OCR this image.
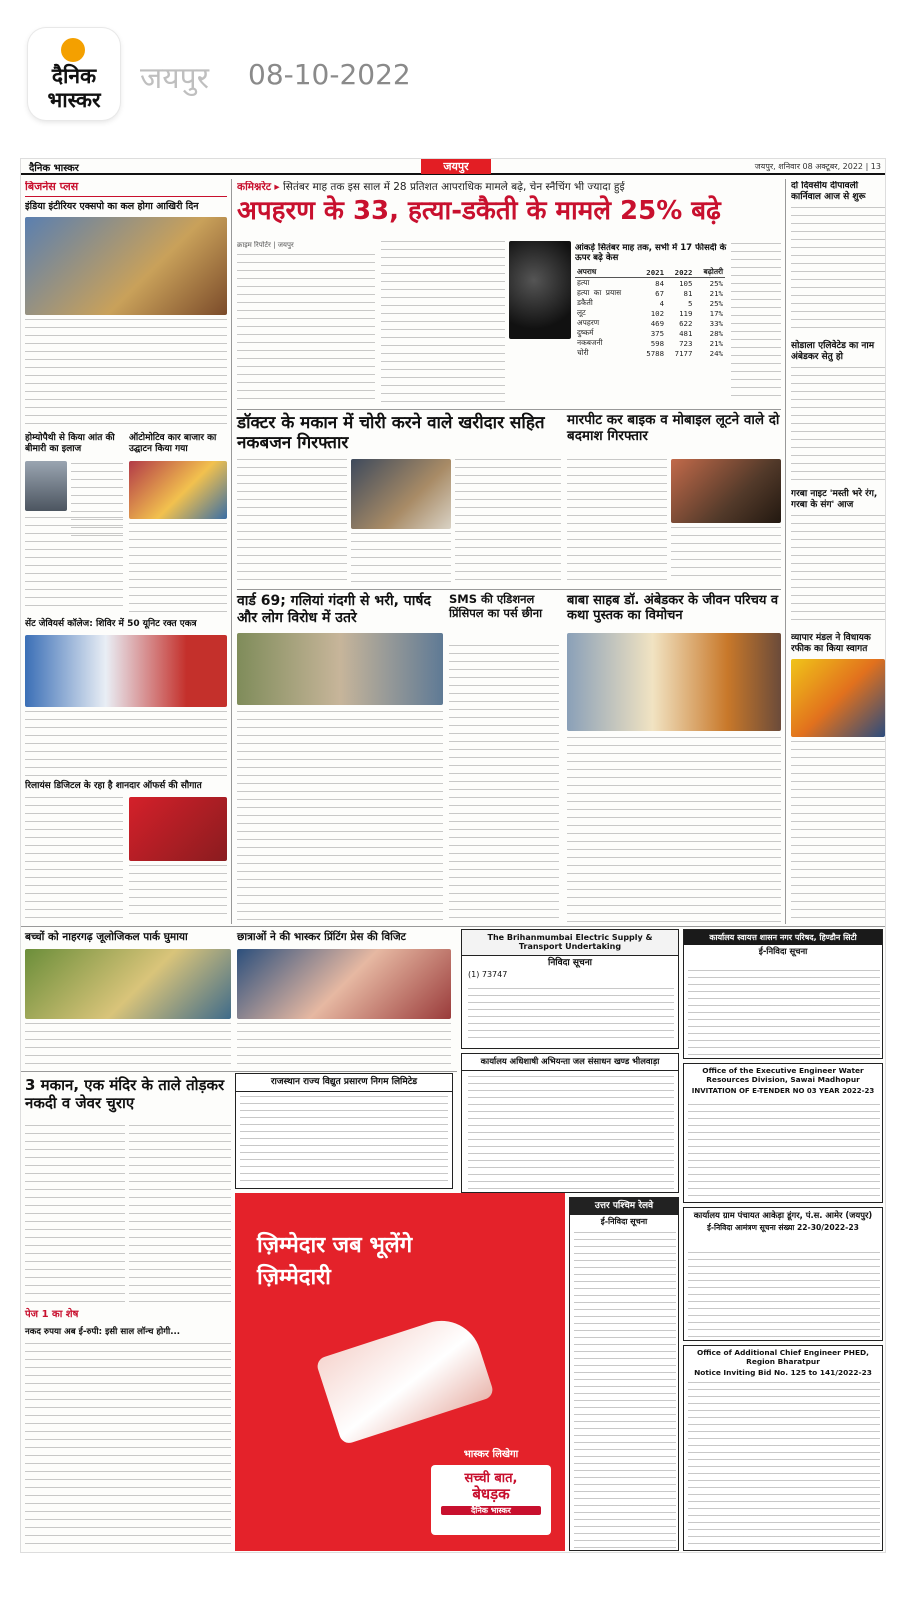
दैनिक
भास्कर
जयपुर 08-10-2022
दैनिक भास्कर	जयपुर	जयपुर, शनिवार 08 अक्टूबर, 2022 | 13
बिजनेस प्लस
इंडिया इंटीरियर एक्सपो का कल होगा आखिरी दिन
होम्योपैथी से किया आंत की बीमारी का इलाज
ऑटोमोटिव कार बाजार का उद्घाटन किया गया
सेंट जेवियर्स कॉलेज: शिविर में 50 यूनिट रक्त एकत्र
रिलायंस डिजिटल के रहा है शानदार ऑफर्स की सौगात
कमिश्नरेट ▸ सितंबर माह तक इस साल में 28 प्रतिशत आपराधिक मामले बढ़े, चेन स्नैचिंग भी ज्यादा हुई
अपहरण के 33, हत्या-डकैती के मामले 25% बढ़े
क्राइम रिपोर्टर | जयपुर	आंकड़े सितंबर माह तक, सभी में 17 फीसदी के ऊपर बढ़े केस
अपराध	2021	2022	बढ़ोतरी
हत्या	84	105	25%
हत्या का प्रयास	67	81	21%
डकैती	4	5	25%
लूट	102	119	17%
अपहरण	469	622	33%
दुष्कर्म	375	481	28%
नकबजनी	598	723	21%
चोरी	5788	7177	24%
दो दिवसीय दीपावली कार्निवाल आज से शुरू
सोडाला एलिवेटेड का नाम अंबेडकर सेतु हो
गरबा नाइट 'मस्ती भरे रंग, गरबा के संग' आज
व्यापार मंडल ने विधायक रफीक का किया स्वागत
डॉक्टर के मकान में चोरी करने वाले खरीदार सहित नकबजन गिरफ्तार
मारपीट कर बाइक व मोबाइल लूटने वाले दो बदमाश गिरफ्तार
वार्ड 69; गलियां गंदगी से भरी, पार्षद और लोग विरोध में उतरे
SMS की एडिशनल प्रिंसिपल का पर्स छीना
बाबा साहब डॉ. अंबेडकर के जीवन परिचय व कथा पुस्तक का विमोचन
बच्चों को नाहरगढ़ जूलोजिकल पार्क घुमाया	छात्राओं ने की भास्कर प्रिंटिंग प्रेस की विजिट
3 मकान, एक मंदिर के ताले तोड़कर नकदी व जेवर चुराए
पेज 1 का शेष
नकद रुपया अब ई-रुपी: इसी साल लॉन्च होगी...
राजस्थान राज्य विद्युत प्रसारण निगम लिमिटेड
ज़िम्मेदार जब भूलेंगे
ज़िम्मेदारी
भास्कर लिखेगा
सच्ची बात,
बेधड़क
दैनिक भास्कर
The Brihanmumbai Electric Supply & Transport Undertaking
निविदा सूचना
(1) 73747
कार्यालय अधिशाषी अभियन्ता जल संसाधन खण्ड भीलवाड़ा
उत्तर पश्चिम रेलवे
ई-निविदा सूचना
कार्यालय स्वायत्त शासन नगर परिषद, हिण्डौन सिटी
ई-निविदा सूचना
Office of the Executive Engineer Water Resources Division, Sawai Madhopur
INVITATION OF E-TENDER NO 03 YEAR 2022-23
कार्यालय ग्राम पंचायत आकेड़ा डूंगर, पं.स. आमेर (जयपुर)
ई-निविदा आमंत्रण सूचना संख्या 22-30/2022-23
Office of Additional Chief Engineer PHED, Region Bharatpur
Notice Inviting Bid No. 125 to 141/2022-23
